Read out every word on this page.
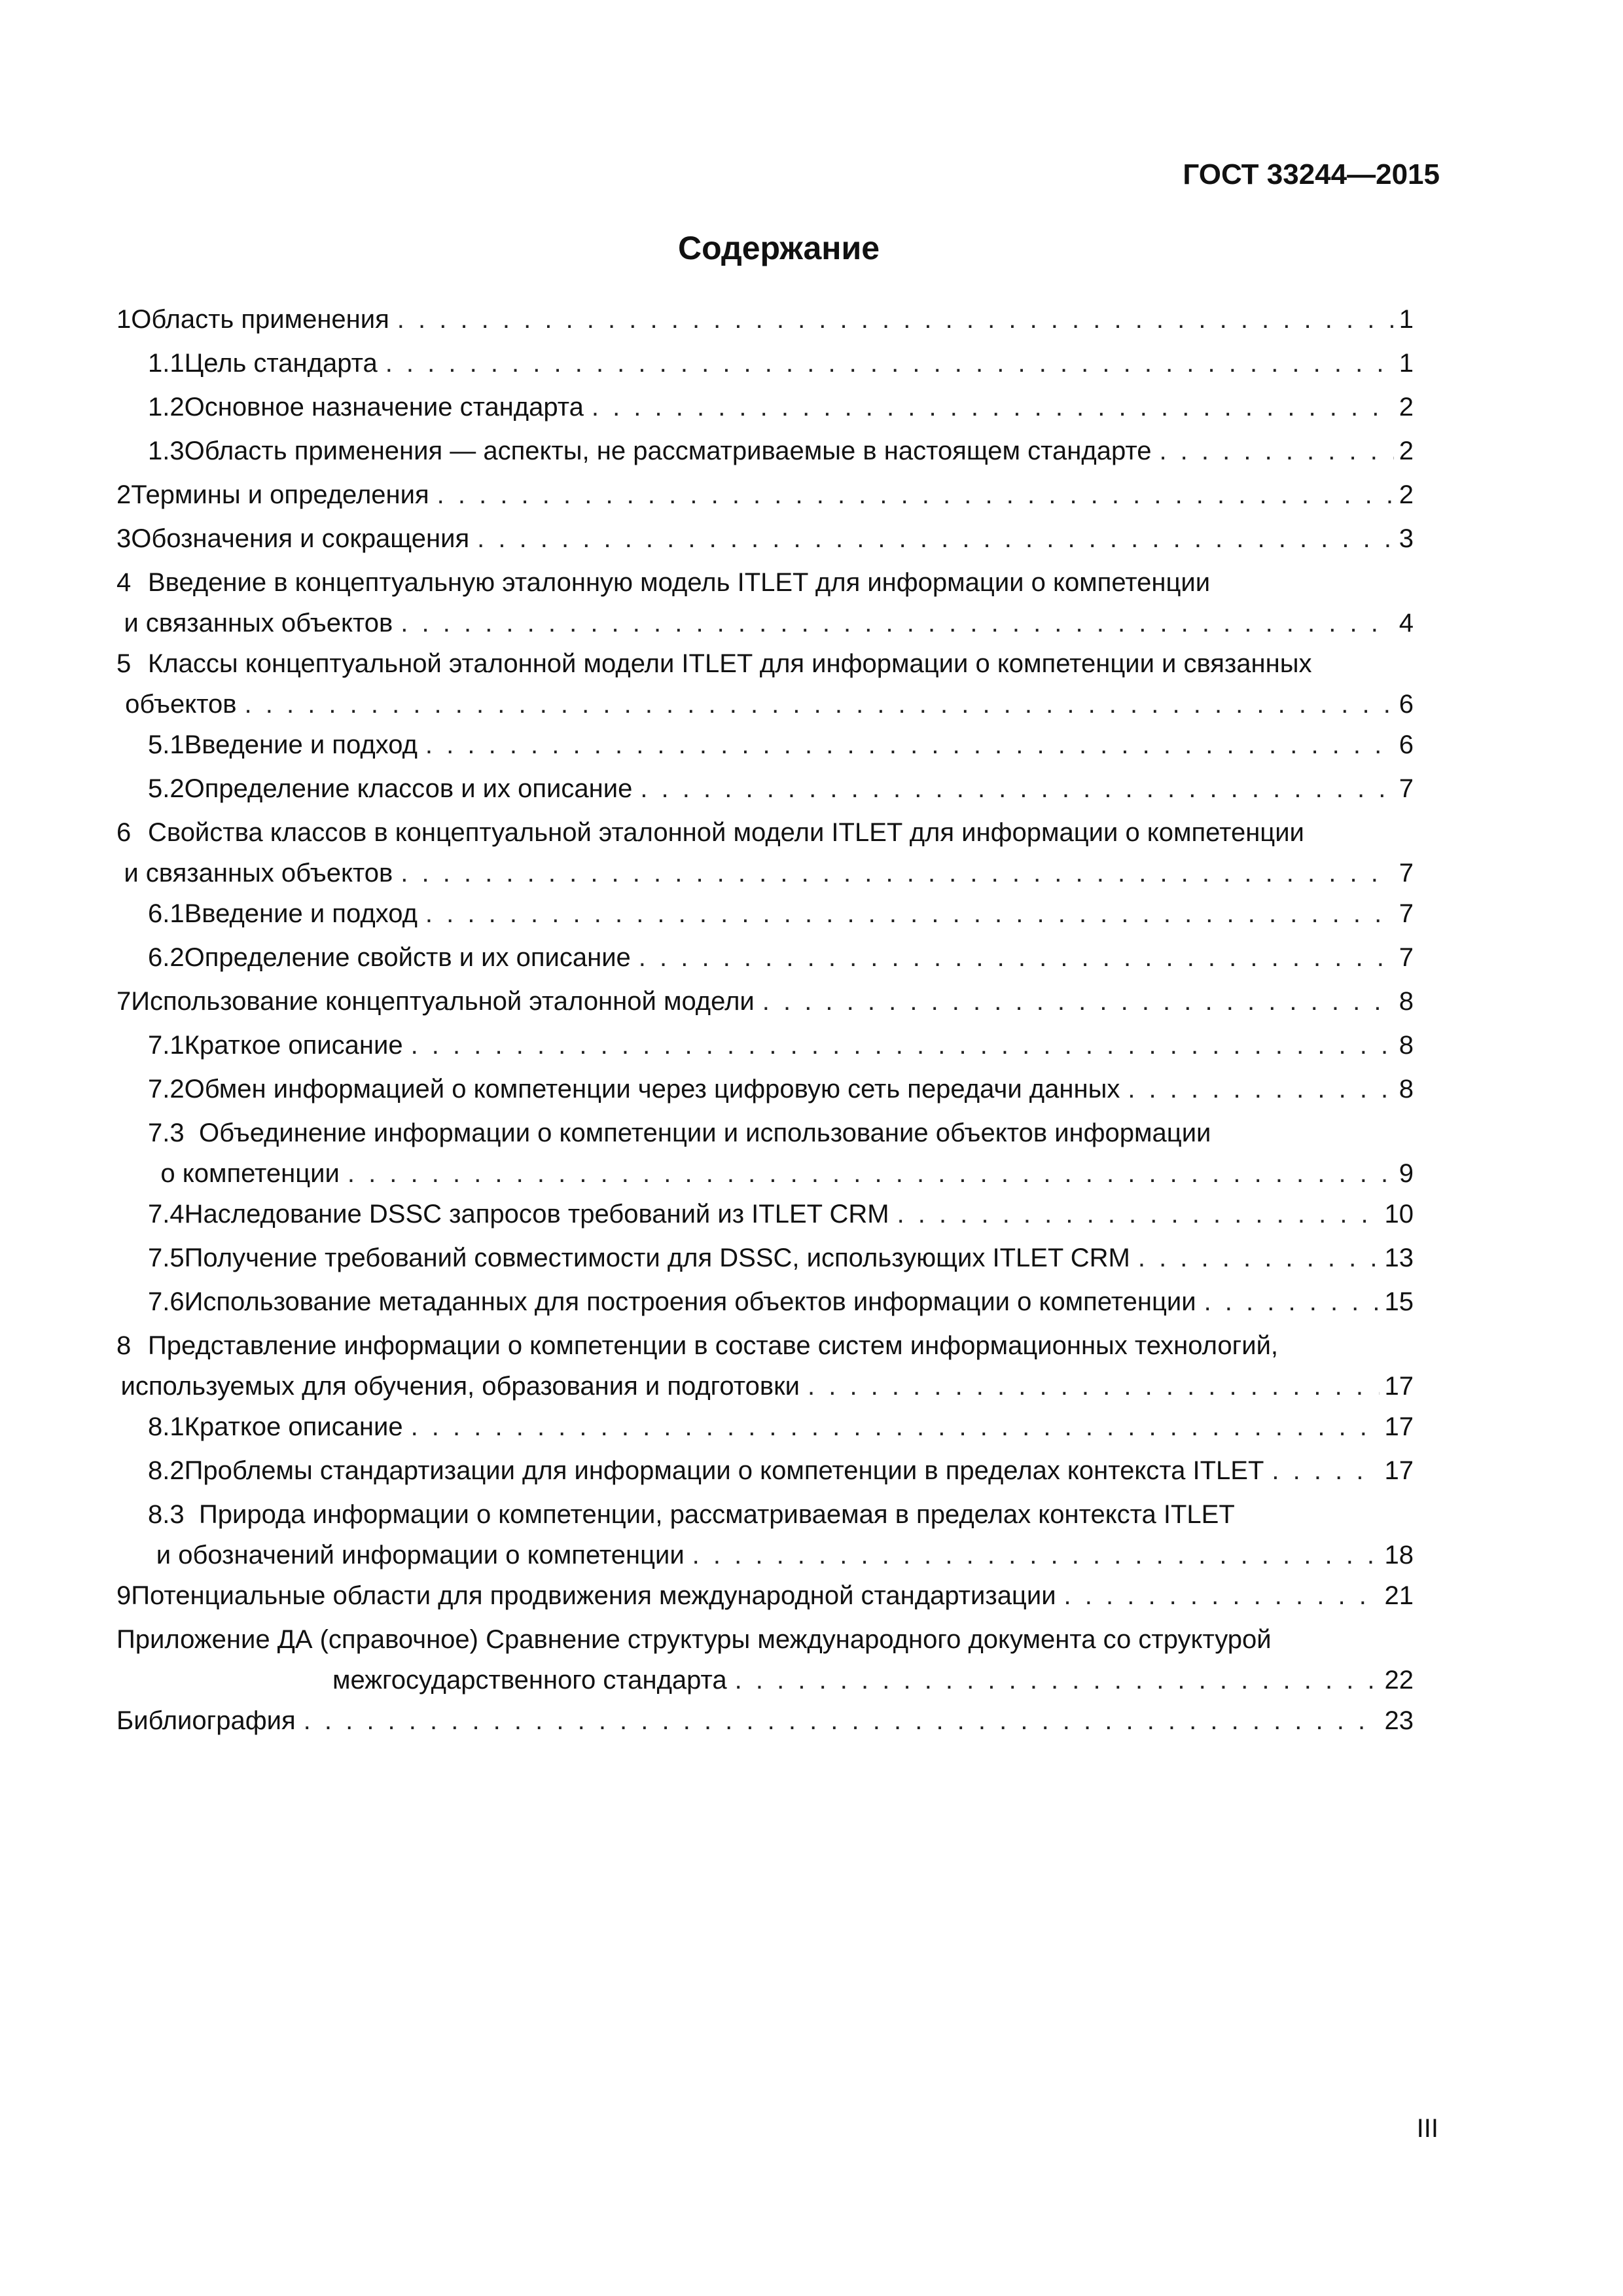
ГОСТ 33244—2015
Содержание
1 Область применения . . .	1
1.1 Цель стандарта . . .	1
1.2 Основное назначение стандарта . . .	2
1.3 Область применения — аспекты, не рассматриваемые в настоящем стандарте . . .	2
2 Термины и определения . . .	2
3 Обозначения и сокращения . . .	3
4 Введение в концептуальную эталонную модель ITLET для информации о компетенции
и связанных объектов . . .	4
5 Классы концептуальной эталонной модели ITLET для информации о компетенции и связанных
объектов . . .	6
5.1 Введение и подход . . .	6
5.2 Определение классов и их описание . . .	7
6 Свойства классов в концептуальной эталонной модели ITLET для информации о компетенции
и связанных объектов . . .	7
6.1 Введение и подход . . .	7
6.2 Определение свойств и их описание . . .	7
7 Использование концептуальной эталонной модели . . .	8
7.1 Краткое описание . . .	8
7.2 Обмен информацией о компетенции через цифровую сеть передачи данных . . .	8
7.3 Объединение информации о компетенции и использование объектов информации
о компетенции . . .	9
7.4 Наследование DSSC запросов требований из ITLET CRM . . .	10
7.5 Получение требований совместимости для DSSC, использующих ITLET CRM . . .	13
7.6 Использование метаданных для построения объектов информации о компетенции . . .	15
8 Представление информации о компетенции в составе систем информационных технологий,
используемых для обучения, образования и подготовки . . .	17
8.1 Краткое описание . . .	17
8.2 Проблемы стандартизации для информации о компетенции в пределах контекста ITLET . . .	17
8.3 Природа информации о компетенции, рассматриваемая в пределах контекста ITLET
и обозначений информации о компетенции . . .	18
9 Потенциальные области для продвижения международной стандартизации . . .	21
Приложение ДА (справочное) Сравнение структуры международного документа со структурой
межгосударственного стандарта . . .	22
Библиография . . .	23
III
